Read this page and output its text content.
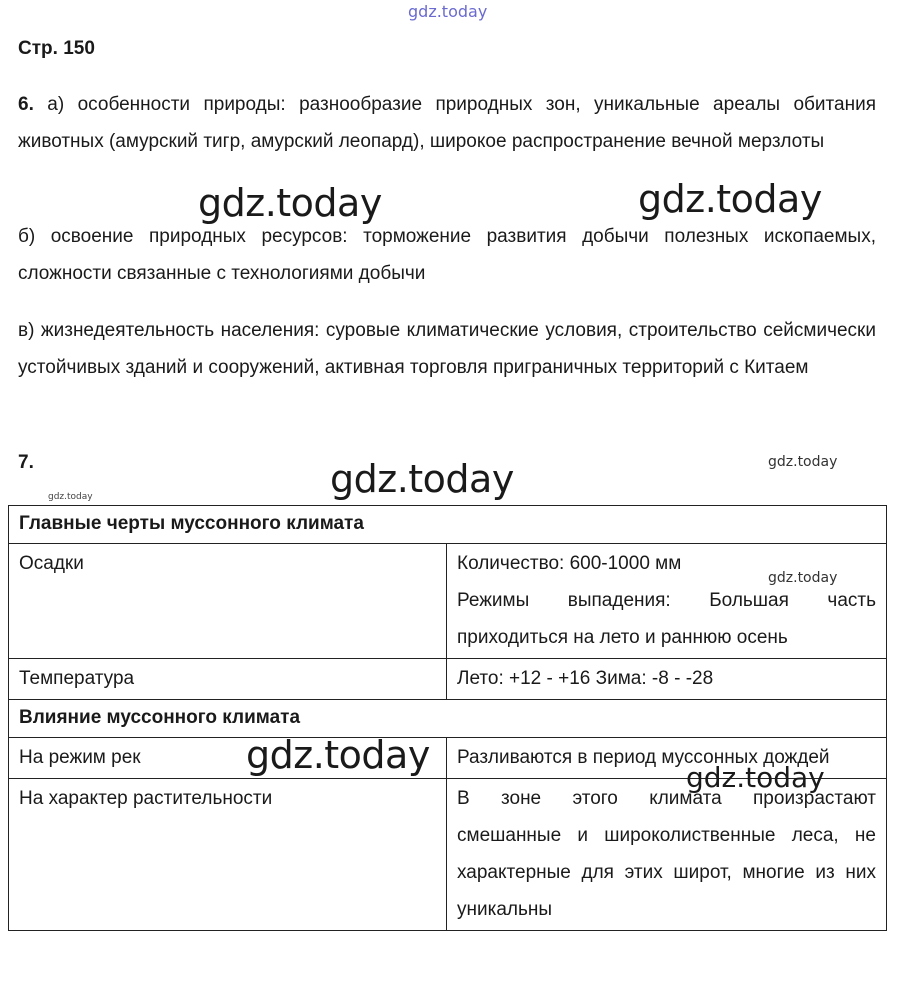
gdz.today
gdz.today	gdz.today
gdz.today	gdz.today
gdz.today
gdz.today
gdz.today
gdz.today
Стр. 150

6. а) особенности природы: разнообразие природных зон, уникальные ареалы обитания животных (амурский тигр, амурский леопард), широкое распространение вечной мерзлоты

б) освоение природных ресурсов: торможение развития добычи полезных ископаемых, сложности связанные с технологиями добычи

в) жизнедеятельность населения: суровые климатические условия, строительство сейсмически устойчивых зданий и сооружений, активная торговля приграничных территорий с Китаем

7.

Главные черты муссонного климата	
Осадки	Количество: 600-1000 мм
Режимы выпадения: Большая часть приходиться на лето и раннюю осень

Температура	Лето: +12 - +16 Зима: -8 - -28
Влияние муссонного климата	
На режим рек	Разливаются в период муссонных дождей
На характер растительности	В зоне этого климата произрастают смешанные и широколиственные леса, не характерные для этих широт, многие из них уникальны
